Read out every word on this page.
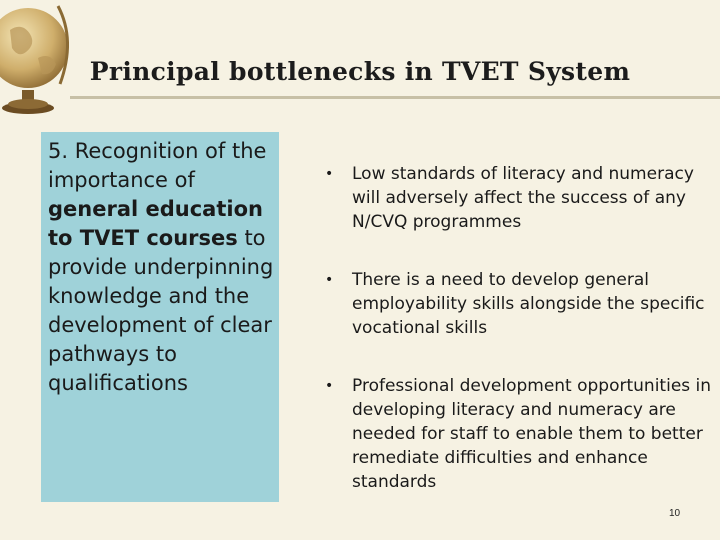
Principal bottlenecks in TVET System
5. Recognition of the importance of general education to TVET courses to provide underpinning knowledge and the development of clear pathways to qualifications
• Low standards of literacy and numeracy will adversely affect the success of any N/CVQ programmes
• There is a need to develop general employability skills alongside the specific vocational skills
• Professional development opportunities in developing literacy and numeracy are needed for staff to enable them to better remediate difficulties and enhance standards
10
